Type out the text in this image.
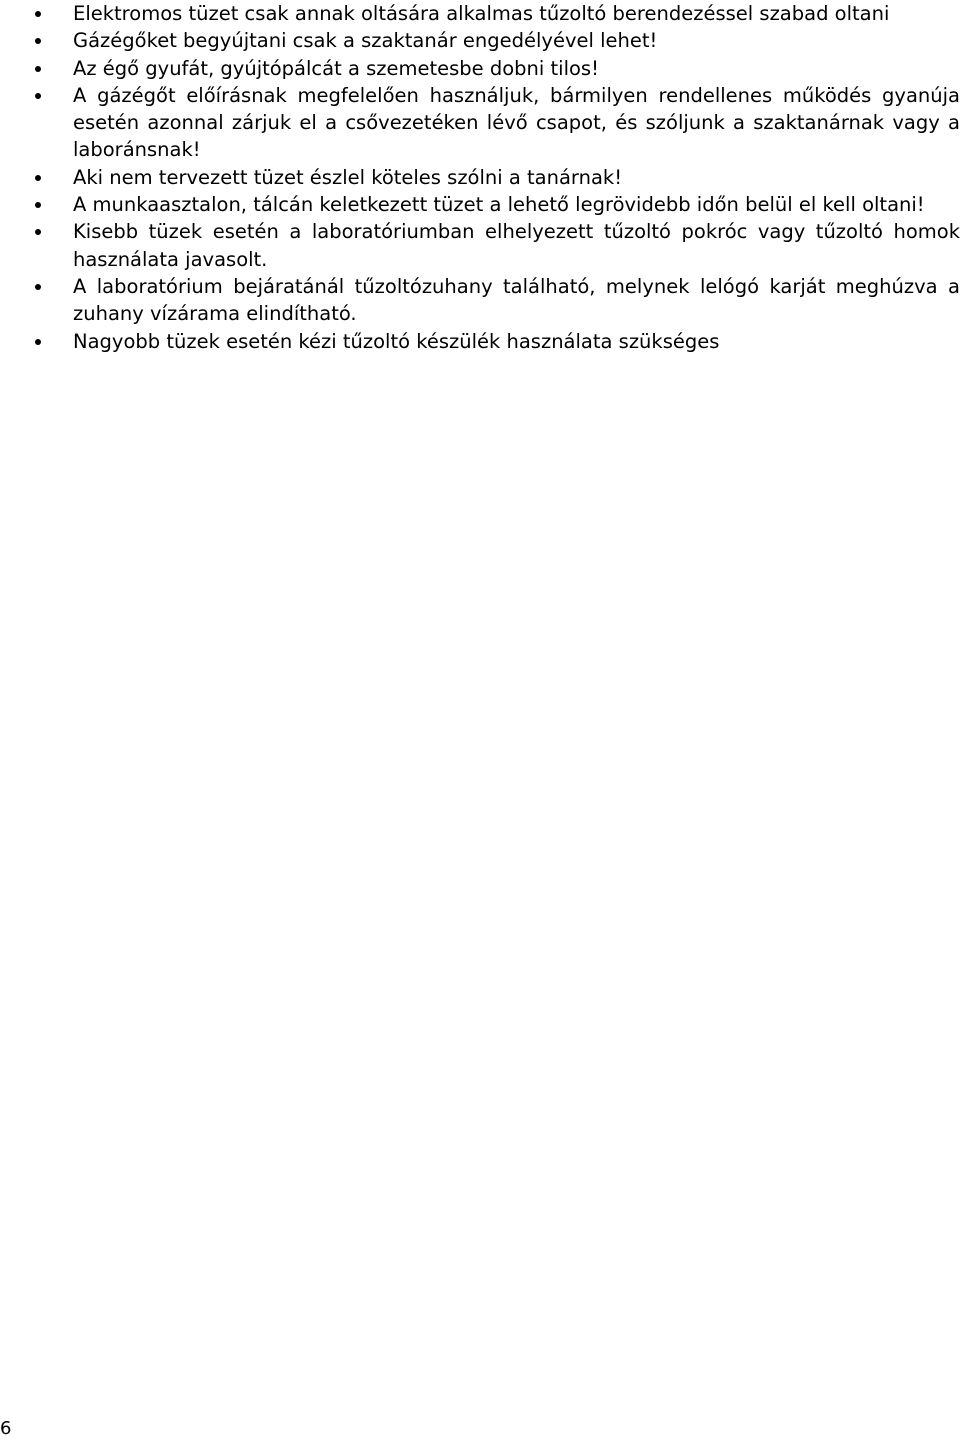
Elektromos tüzet csak annak oltására alkalmas tűzoltó berendezéssel szabad oltani
Gázégőket begyújtani csak a szaktanár engedélyével lehet!
Az égő gyufát, gyújtópálcát a szemetesbe dobni tilos!
A gázégőt előírásnak megfelelően használjuk, bármilyen rendellenes működés gyanúja esetén azonnal zárjuk el a csővezetéken lévő csapot, és szóljunk a szaktanárnak vagy a laboránsnak!
Aki nem tervezett tüzet észlel köteles szólni a tanárnak!
A munkaasztalon, tálcán keletkezett tüzet a lehető legrövidebb időn belül el kell oltani!
Kisebb tüzek esetén a laboratóriumban elhelyezett tűzoltó pokróc vagy tűzoltó homok használata javasolt.
A laboratórium bejáratánál tűzoltózuhany található, melynek lelógó karját meghúzva a zuhany vízárama elindítható.
Nagyobb tüzek esetén kézi tűzoltó készülék használata szükséges
6
